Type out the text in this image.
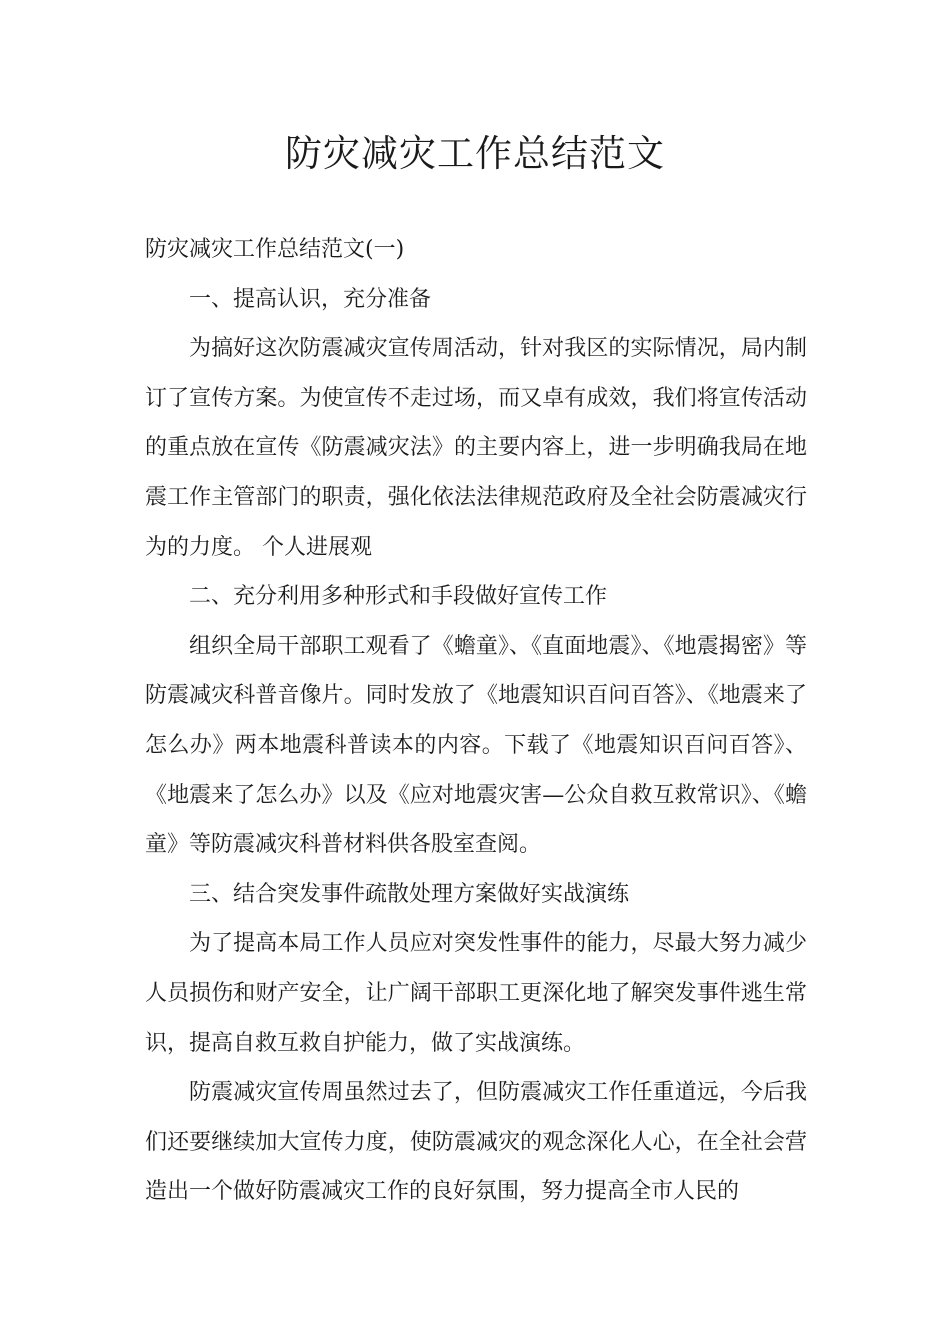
防灾减灾工作总结范文

防灾减灾工作总结范文(一)

一、提高认识，充分准备

为搞好这次防震减灾宣传周活动，针对我区的实际情况，局内制订了宣传方案。为使宣传不走过场，而又卓有成效，我们将宣传活动的重点放在宣传《防震减灾法》的主要内容上，进一步明确我局在地震工作主管部门的职责，强化依法法律规范政府及全社会防震减灾行为的力度。 个人进展观

二、充分利用多种形式和手段做好宣传工作

组织全局干部职工观看了《蟾童》、《直面地震》、《地震揭密》等防震减灾科普音像片。同时发放了《地震知识百问百答》、《地震来了怎么办》两本地震科普读本的内容。下载了《地震知识百问百答》、《地震来了怎么办》以及《应对地震灾害—公众自救互救常识》、《蟾童》等防震减灾科普材料供各股室查阅。

三、结合突发事件疏散处理方案做好实战演练

为了提高本局工作人员应对突发性事件的能力，尽最大努力减少人员损伤和财产安全，让广阔干部职工更深化地了解突发事件逃生常识，提高自救互救自护能力，做了实战演练。

防震减灾宣传周虽然过去了，但防震减灾工作任重道远，今后我们还要继续加大宣传力度，使防震减灾的观念深化人心，在全社会营造出一个做好防震减灾工作的良好氛围，努力提高全市人民的
